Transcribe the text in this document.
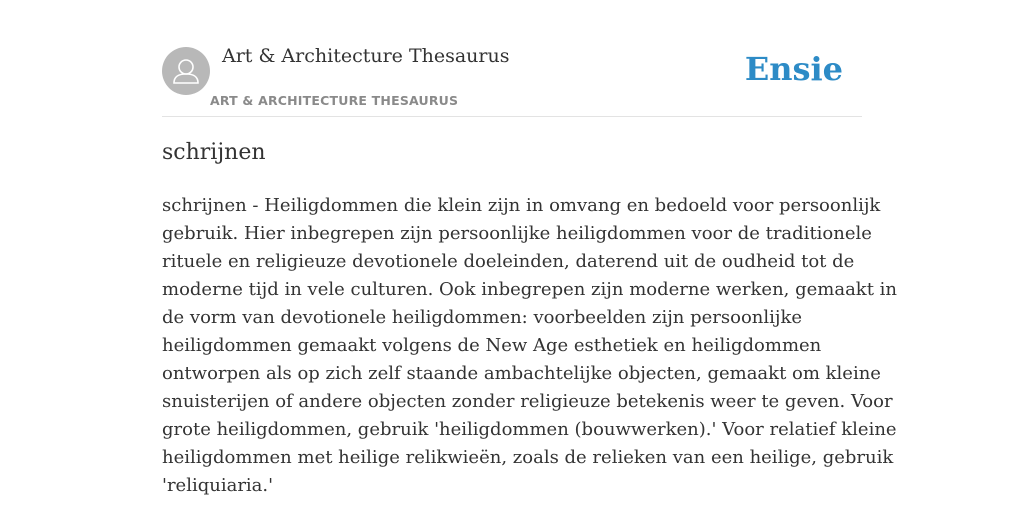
Art & Architecture Thesaurus
ART & ARCHITECTURE THESAURUS
Ensie
schrijnen
schrijnen - Heiligdommen die klein zijn in omvang en bedoeld voor persoonlijk
gebruik. Hier inbegrepen zijn persoonlijke heiligdommen voor de traditionele
rituele en religieuze devotionele doeleinden, daterend uit de oudheid tot de
moderne tijd in vele culturen. Ook inbegrepen zijn moderne werken, gemaakt in
de vorm van devotionele heiligdommen: voorbeelden zijn persoonlijke
heiligdommen gemaakt volgens de New Age esthetiek en heiligdommen
ontworpen als op zich zelf staande ambachtelijke objecten, gemaakt om kleine
snuisterijen of andere objecten zonder religieuze betekenis weer te geven. Voor
grote heiligdommen, gebruik 'heiligdommen (bouwwerken).' Voor relatief kleine
heiligdommen met heilige relikwieën, zoals de relieken van een heilige, gebruik
'reliquiaria.'
